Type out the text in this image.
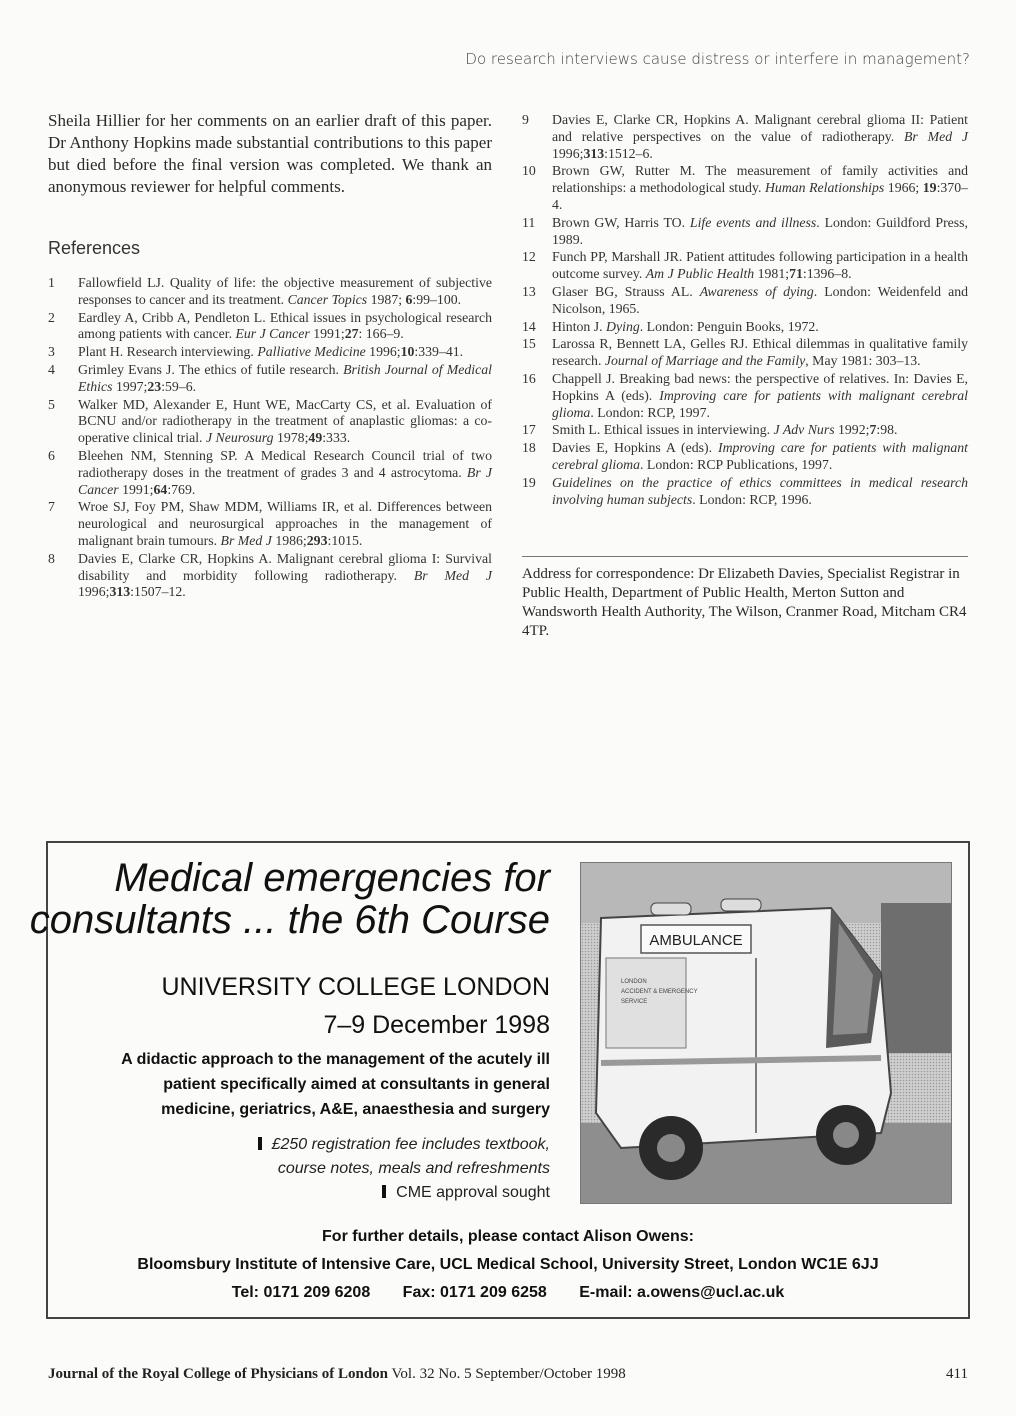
Do research interviews cause distress or interfere in management?

Sheila Hillier for her comments on an earlier draft of this paper. Dr Anthony Hopkins made substantial contributions to this paper but died before the final version was completed. We thank an anonymous reviewer for helpful comments.

References
1	Fallowfield LJ. Quality of life: the objective measurement of subjective responses to cancer and its treatment. Cancer Topics 1987; 6:99–100.
2	Eardley A, Cribb A, Pendleton L. Ethical issues in psychological research among patients with cancer. Eur J Cancer 1991;27: 166–9.
3	Plant H. Research interviewing. Palliative Medicine 1996;10:339–41.
4	Grimley Evans J. The ethics of futile research. British Journal of Medical Ethics 1997;23:59–6.
5	Walker MD, Alexander E, Hunt WE, MacCarty CS, et al. Evaluation of BCNU and/or radiotherapy in the treatment of anaplastic gliomas: a co-operative clinical trial. J Neurosurg 1978;49:333.
6	Bleehen NM, Stenning SP. A Medical Research Council trial of two radiotherapy doses in the treatment of grades 3 and 4 astrocytoma. Br J Cancer 1991;64:769.
7	Wroe SJ, Foy PM, Shaw MDM, Williams IR, et al. Differences between neurological and neurosurgical approaches in the management of malignant brain tumours. Br Med J 1986;293:1015.
8	Davies E, Clarke CR, Hopkins A. Malignant cerebral glioma I: Survival disability and morbidity following radiotherapy. Br Med J 1996;313:1507–12.
9	Davies E, Clarke CR, Hopkins A. Malignant cerebral glioma II: Patient and relative perspectives on the value of radiotherapy. Br Med J 1996;313:1512–6.
10 Brown GW, Rutter M. The measurement of family activities and relationships: a methodological study. Human Relationships 1966; 19:370–4.
11 Brown GW, Harris TO. Life events and illness. London: Guildford Press, 1989.
12 Funch PP, Marshall JR. Patient attitudes following participation in a health outcome survey. Am J Public Health 1981;71:1396–8.
13 Glaser BG, Strauss AL. Awareness of dying. London: Weidenfeld and Nicolson, 1965.
14 Hinton J. Dying. London: Penguin Books, 1972.
15 Larossa R, Bennett LA, Gelles RJ. Ethical dilemmas in qualitative family research. Journal of Marriage and the Family, May 1981: 303–13.
16 Chappell J. Breaking bad news: the perspective of relatives. In: Davies E, Hopkins A (eds). Improving care for patients with malignant cerebral glioma. London: RCP, 1997.
17 Smith L. Ethical issues in interviewing. J Adv Nurs 1992;7:98.
18 Davies E, Hopkins A (eds). Improving care for patients with malignant cerebral glioma. London: RCP Publications, 1997.
19 Guidelines on the practice of ethics committees in medical research involving human subjects. London: RCP, 1996.
Address for correspondence: Dr Elizabeth Davies, Specialist Registrar in Public Health, Department of Public Health, Merton Sutton and Wandsworth Health Authority, The Wilson, Cranmer Road, Mitcham CR4 4TP.
Medical emergencies for
consultants ... the 6th Course
UNIVERSITY COLLEGE LONDON
7–9 December 1998
A didactic approach to the management of the acutely ill
patient specifically aimed at consultants in general
medicine, geriatrics, A&E, anaesthesia and surgery
£250 registration fee includes textbook,
course notes, meals and refreshments
CME approval sought
AMBULANCE
LONDON
ACCIDENT & EMERGENCY
SERVICE
For further details, please contact Alison Owens:
Bloomsbury Institute of Intensive Care, UCL Medical School, University Street, London WC1E 6JJ
Tel: 0171 209 6208 Fax: 0171 209 6258 E-mail: a.owens@ucl.ac.uk
Journal of the Royal College of Physicians of London Vol. 32 No. 5 September/October 1998	411
